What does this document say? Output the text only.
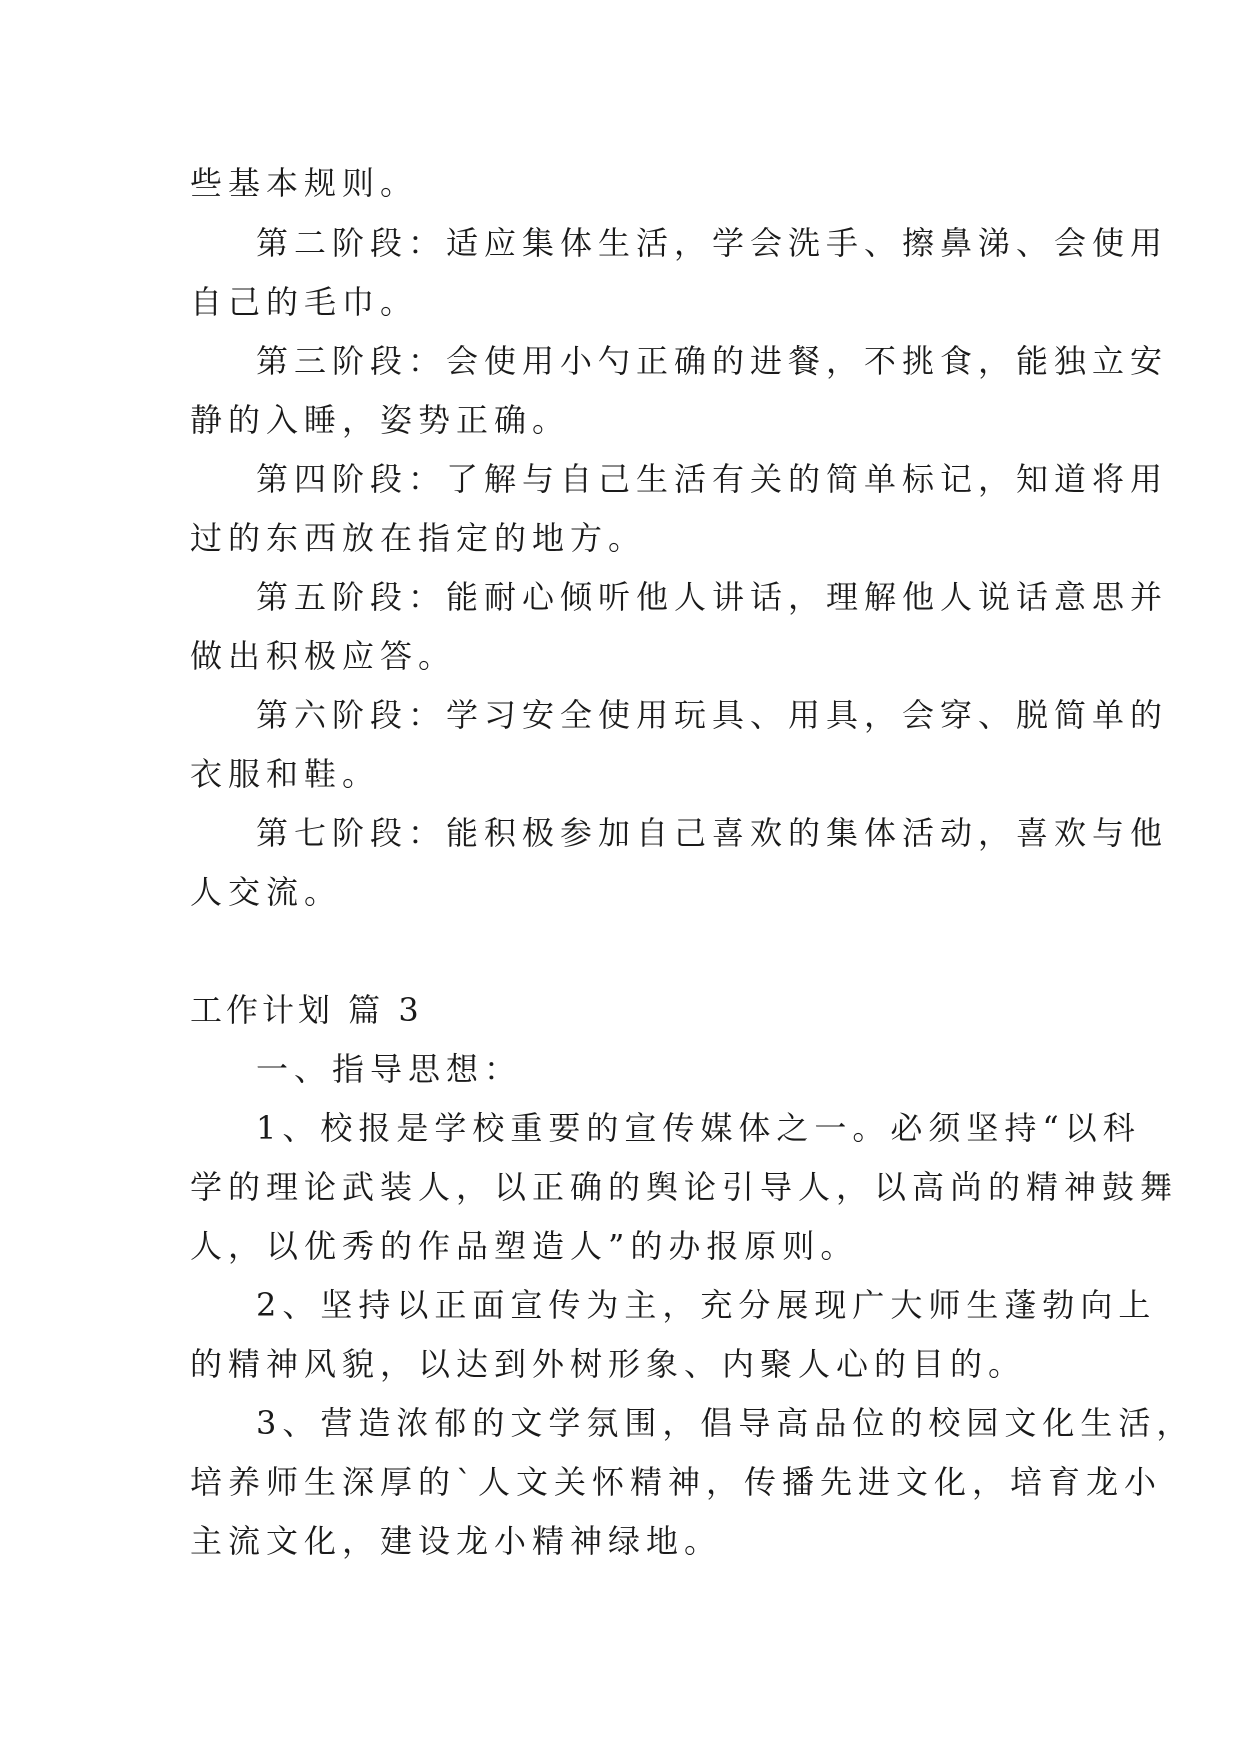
些基本规则。
第二阶段：适应集体生活，学会洗手、擦鼻涕、会使用
自己的毛巾。
第三阶段：会使用小勺正确的进餐，不挑食，能独立安
静的入睡，姿势正确。
第四阶段：了解与自己生活有关的简单标记，知道将用
过的东西放在指定的地方。
第五阶段：能耐心倾听他人讲话，理解他人说话意思并
做出积极应答。
第六阶段：学习安全使用玩具、用具，会穿、脱简单的
衣服和鞋。
第七阶段：能积极参加自己喜欢的集体活动，喜欢与他
人交流。
工作计划 篇 3
一、指导思想：
1、校报是学校重要的宣传媒体之一。必须坚持“以科
学的理论武装人，以正确的舆论引导人，以高尚的精神鼓舞
人，以优秀的作品塑造人”的办报原则。
2、坚持以正面宣传为主，充分展现广大师生蓬勃向上
的精神风貌，以达到外树形象、内聚人心的目的。
3、营造浓郁的文学氛围，倡导高品位的校园文化生活，
培养师生深厚的`人文关怀精神，传播先进文化，培育龙小
主流文化，建设龙小精神绿地。
